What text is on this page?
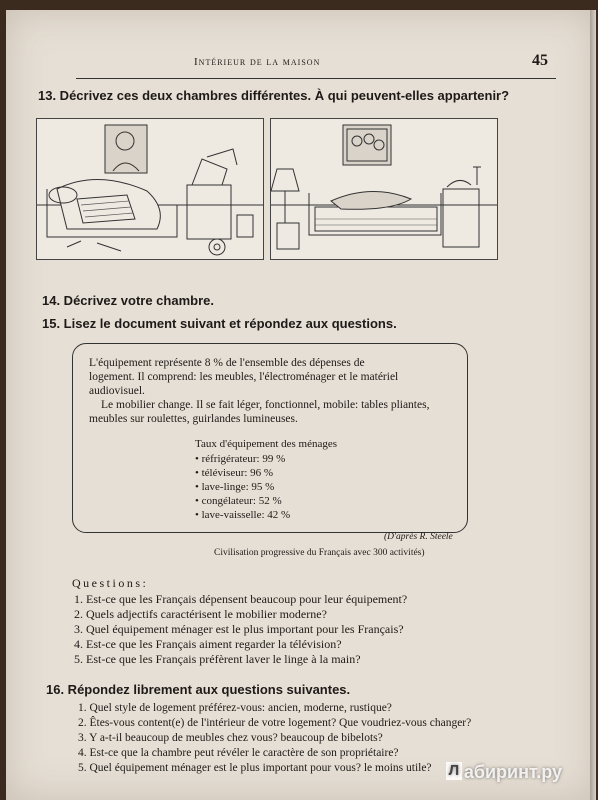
Intérieur de la maison	45
13. Décrivez ces deux chambres différentes. À qui peuvent-elles appartenir?
14. Décrivez votre chambre.
15. Lisez le document suivant et répondez aux questions.
L'équipement représente 8 % de l'ensemble des dépenses de
logement. Il comprend: les meubles, l'électroménager et le matériel
audiovisuel.
Le mobilier change. Il se fait léger, fonctionnel, mobile: tables pliantes,
meubles sur roulettes, guirlandes lumineuses.
Taux d'équipement des ménages
• réfrigérateur: 99 %
• téléviseur: 96 %
• lave-linge: 95 %
• congélateur: 52 %
• lave-vaisselle: 42 %
(D'après R. Steele
Civilisation progressive du Français avec 300 activités)
Questions:
1. Est-ce que les Français dépensent beaucoup pour leur équipement?
2. Quels adjectifs caractérisent le mobilier moderne?
3. Quel équipement ménager est le plus important pour les Français?
4. Est-ce que les Français aiment regarder la télévision?
5. Est-ce que les Français préfèrent laver le linge à la main?
16. Répondez librement aux questions suivantes.
1. Quel style de logement préférez-vous: ancien, moderne, rustique?
2. Êtes-vous content(e) de l'intérieur de votre logement? Que voudriez-vous changer?
3. Y a-t-il beaucoup de meubles chez vous? beaucoup de bibelots?
4. Est-ce que la chambre peut révéler le caractère de son propriétaire?
5. Quel équipement ménager est le plus important pour vous? le moins utile? Л абиринт.ру
